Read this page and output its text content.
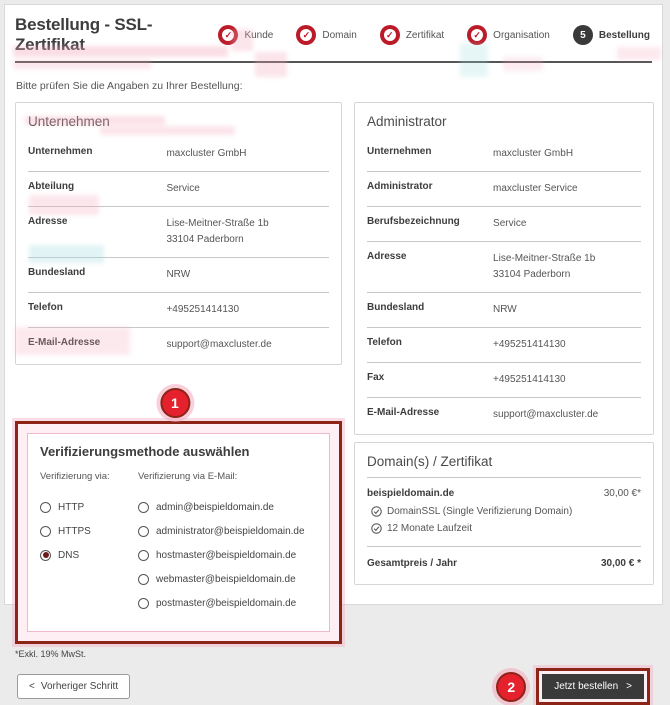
Bestellung - SSL-Zertifikat
✓ Kunde	✓ Domain	✓ Zertifikat	✓ Organisation	5	Bestellung
Bitte prüfen Sie die Angaben zu Ihrer Bestellung:
Unternehmen
Unternehmen	maxcluster GmbH
Abteilung	Service
Adresse	Lise-Meitner-Straße 1b
33104 Paderborn
Bundesland	NRW
Telefon	+495251414130
E-Mail-Adresse	support@maxcluster.de
1
Verifizierungsmethode auswählen
Verifizierung via:
HTTP
HTTPS
DNS
Verifizierung via E-Mail:
admin@beispieldomain.de
administrator@beispieldomain.de
hostmaster@beispieldomain.de
webmaster@beispieldomain.de
postmaster@beispieldomain.de
Administrator
Unternehmen	maxcluster GmbH
Administrator	maxcluster Service
Berufsbezeichnung	Service
Adresse	Lise-Meitner-Straße 1b
33104 Paderborn
Bundesland	NRW
Telefon	+495251414130
Fax	+495251414130
E-Mail-Adresse	support@maxcluster.de
Domain(s) / Zertifikat
beispieldomain.de	30,00 €*
DomainSSL (Single Verifizierung Domain)
12 Monate Laufzeit
Gesamtpreis / Jahr	30,00 € *
*Exkl. 19% MwSt.
< Vorheriger Schritt	2	Jetzt bestellen >
